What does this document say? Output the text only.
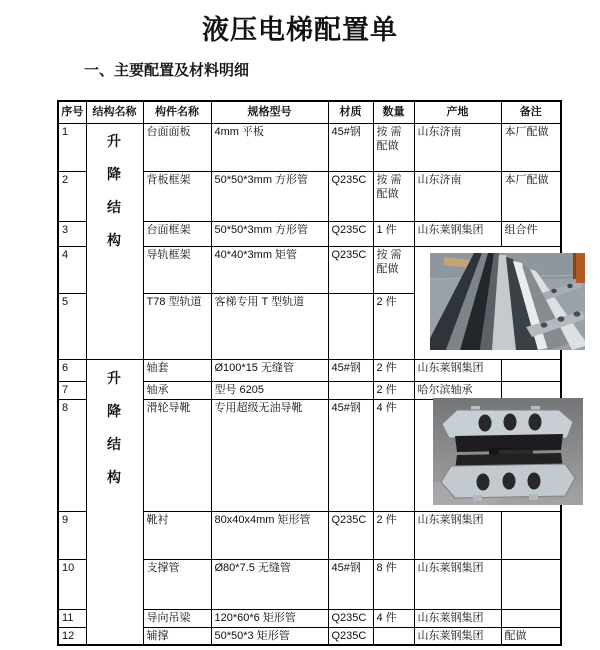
液压电梯配置单
一、主要配置及材料明细
序号	结构名称	构件名称	规格型号	材质	数量	产地	备注
1	升降结构	台面面板	4mm 平板	45#钢	按 需配做	山东济南	本厂配做
2		背板框架	50*50*3mm 方形管	Q235C	按 需配做	山东济南	本厂配做
3		台面框架	50*50*3mm 方形管	Q235C	1 件	山东莱钢集团	组合件
4		导轨框架	40*40*3mm 矩管	Q235C	按 需配做		
5		T78 型轨道	客梯专用 T 型轨道		2 件		
6	升降结构	轴套	Ø100*15 无缝管	45#钢	2 件	山东莱钢集团	
7		轴承	型号 6205		2 件	哈尔滨轴承	
8		滑轮导靴	专用超级无油导靴	45#钢	4 件		
9		靴衬	80x40x4mm 矩形管	Q235C	2 件	山东莱钢集团	
10		支撑管	Ø80*7.5 无缝管	45#钢	8 件	山东莱钢集团	
11		导向吊梁	120*60*6 矩形管	Q235C	4 件	山东莱钢集团	
12		辅撑	50*50*3 矩形管	Q235C		山东莱钢集团	配做
